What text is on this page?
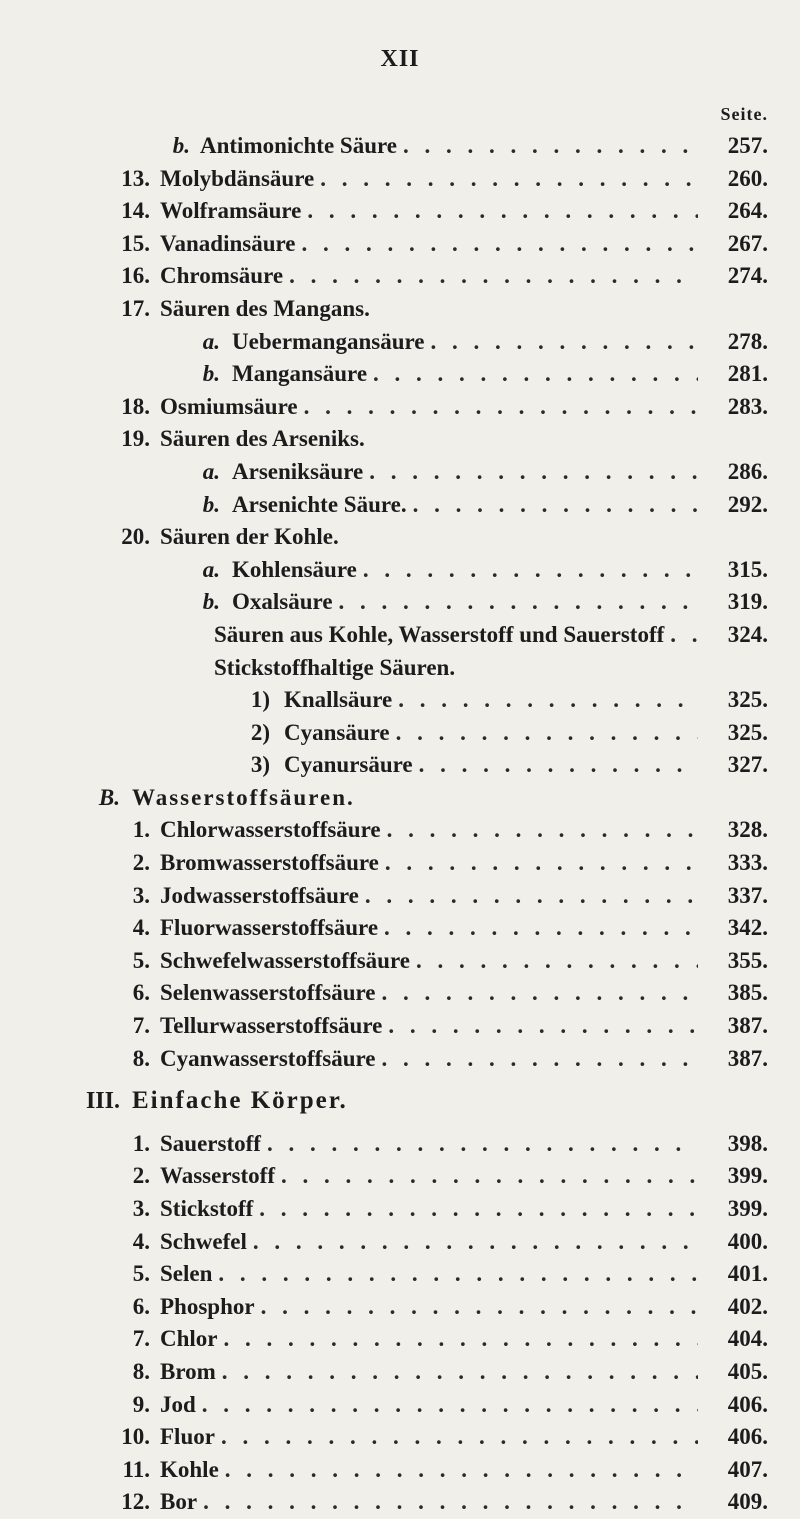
XII
Seite.
b. Antimonichte Säure . . .	257.
13. Molybdänsäure . . .	260.
14. Wolframsäure . . .	264.
15. Vanadinsäure . . .	267.
16. Chromsäure . . .	274.
17. Säuren des Mangans.
a. Uebermangansäure . . .	278.
b. Mangansäure . . .	281.
18. Osmiumsäure . . .	283.
19. Säuren des Arseniks.
a. Arseniksäure . . .	286.
b. Arsenichte Säure. . . .	292.
20. Säuren der Kohle.
a. Kohlensäure . . .	315.
b. Oxalsäure . . .	319.
Säuren aus Kohle, Wasserstoff und Sauerstoff . . .	324.
Stickstoffhaltige Säuren.
1) Knallsäure . . .	325.
2) Cyansäure . . .	325.
3) Cyanursäure . . .	327.
B. Wasserstoffsäuren.
1. Chlorwasserstoffsäure . . .	328.
2. Bromwasserstoffsäure . . .	333.
3. Jodwasserstoffsäure . . .	337.
4. Fluorwasserstoffsäure . . .	342.
5. Schwefelwasserstoffsäure . . .	355.
6. Selenwasserstoffsäure . . .	385.
7. Tellurwasserstoffsäure . . .	387.
8. Cyanwasserstoffsäure . . .	387.
III. Einfache Körper.
1. Sauerstoff . . .	398.
2. Wasserstoff . . .	399.
3. Stickstoff . . .	399.
4. Schwefel . . .	400.
5. Selen . . .	401.
6. Phosphor . . .	402.
7. Chlor . . .	404.
8. Brom . . .	405.
9. Jod . . .	406.
10. Fluor . . .	406.
11. Kohle . . .	407.
12. Bor . . .	409.
